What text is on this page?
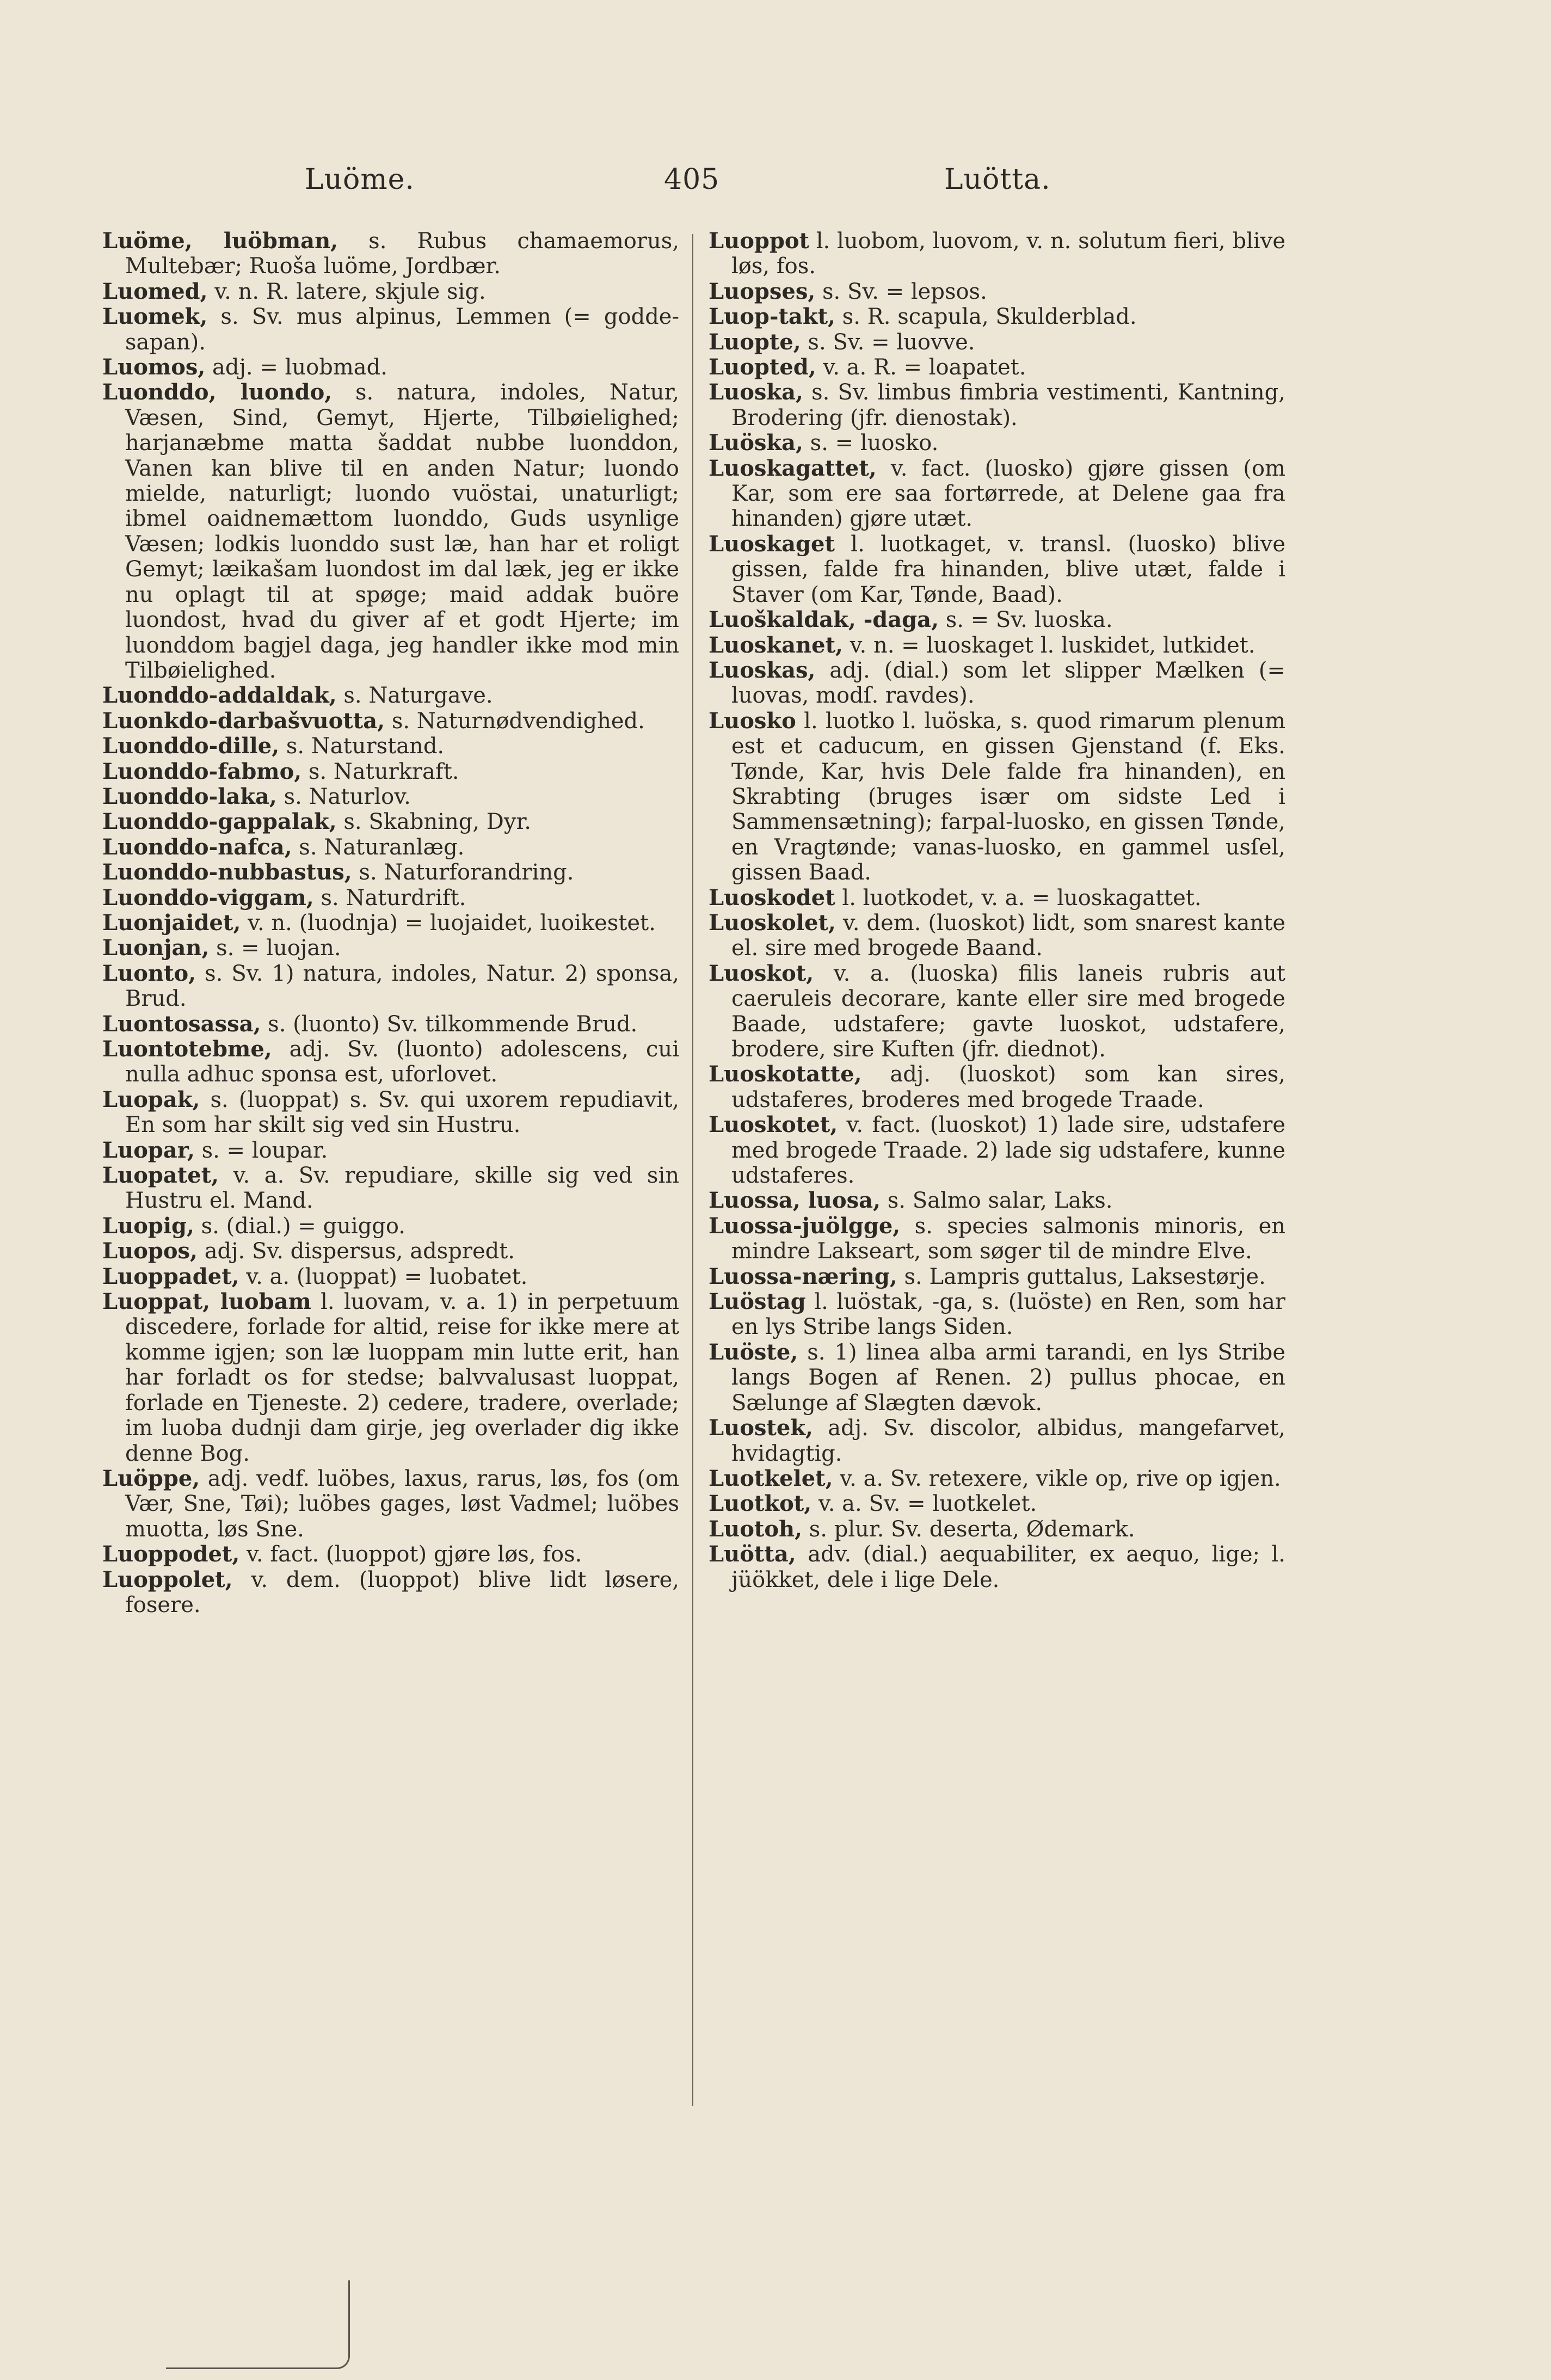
Luöme.	405	Luötta.

Luöme, luöbman, s. Rubus chamaemorus, Multebær; Ruoša luöme, Jordbær.

Luomed, v. n. R. latere, skjule sig.

Luomek, s. Sv. mus alpinus, Lemmen (= godde-sapan).

Luomos, adj. = luobmad.

Luonddo, luondo, s. natura, indoles, Natur, Væsen, Sind, Gemyt, Hjerte, Tilbøielighed; harjanæbme matta šaddat nubbe luonddon, Vanen kan blive til en anden Natur; luondo mielde, naturligt; luondo vuöstai, unaturligt; ibmel oaidnemættom luonddo, Guds usynlige Væsen; lodkis luonddo sust læ, han har et roligt Gemyt; læikašam luondost im dal læk, jeg er ikke nu oplagt til at spøge; maid addak buöre luondost, hvad du giver af et godt Hjerte; im luonddom bagjel daga, jeg handler ikke mod min Tilbøielighed.

Luonddo-addaldak, s. Naturgave.

Luonkdo-darbašvuotta, s. Naturnødvendighed.

Luonddo-dille, s. Naturstand.

Luonddo-fabmo, s. Naturkraft.

Luonddo-laka, s. Naturlov.

Luonddo-gappalak, s. Skabning, Dyr.

Luonddo-nafca, s. Naturanlæg.

Luonddo-nubbastus, s. Naturforandring.

Luonddo-viggam, s. Naturdrift.

Luonjaidet, v. n. (luodnja) = luojaidet, luoikestet.

Luonjan, s. = luojan.

Luonto, s. Sv. 1) natura, indoles, Natur. 2) sponsa, Brud.

Luontosassa, s. (luonto) Sv. tilkommende Brud.

Luontotebme, adj. Sv. (luonto) adolescens, cui nulla adhuc sponsa est, uforlovet.

Luopak, s. (luoppat) s. Sv. qui uxorem repudiavit, En som har skilt sig ved sin Hustru.

Luopar, s. = loupar.

Luopatet, v. a. Sv. repudiare, skille sig ved sin Hustru el. Mand.

Luopig, s. (dial.) = guiggo.

Luopos, adj. Sv. dispersus, adspredt.

Luoppadet, v. a. (luoppat) = luobatet.

Luoppat, luobam l. luovam, v. a. 1) in perpetuum discedere, forlade for altid, reise for ikke mere at komme igjen; son læ luoppam min lutte erit, han har forladt os for stedse; balvvalusast luoppat, forlade en Tjeneste. 2) cedere, tradere, overlade; im luoba dudnji dam girje, jeg overlader dig ikke denne Bog.

Luöppe, adj. vedf. luöbes, laxus, rarus, løs, fos (om Vær, Sne, Tøi); luöbes gages, løst Vadmel; luöbes muotta, løs Sne.

Luoppodet, v. fact. (luoppot) gjøre løs, fos.

Luoppolet, v. dem. (luoppot) blive lidt løsere, fosere.

Luoppot l. luobom, luovom, v. n. solutum fieri, blive løs, fos.

Luopses, s. Sv. = lepsos.

Luop-takt, s. R. scapula, Skulderblad.

Luopte, s. Sv. = luovve.

Luopted, v. a. R. = loapatet.

Luoska, s. Sv. limbus fimbria vestimenti, Kantning, Brodering (jfr. dienostak).

Luöska, s. = luosko.

Luoskagattet, v. fact. (luosko) gjøre gissen (om Kar, som ere saa fortørrede, at Delene gaa fra hinanden) gjøre utæt.

Luoskaget l. luotkaget, v. transl. (luosko) blive gissen, falde fra hinanden, blive utæt, falde i Staver (om Kar, Tønde, Baad).

Luoškaldak, -daga, s. = Sv. luoska.

Luoskanet, v. n. = luoskaget l. luskidet, lutkidet.

Luoskas, adj. (dial.) som let slipper Mælken (= luovas, modſ. ravdes).

Luosko l. luotko l. luöska, s. quod rimarum plenum est et caducum, en gissen Gjenstand (f. Eks. Tønde, Kar, hvis Dele falde fra hinanden), en Skrabting (bruges især om sidste Led i Sammensætning); farpal-luosko, en gissen Tønde, en Vragtønde; vanas-luosko, en gammel usſel, gissen Baad.

Luoskodet l. luotkodet, v. a. = luoskagattet.

Luoskolet, v. dem. (luoskot) lidt, som snarest kante el. sire med brogede Baand.

Luoskot, v. a. (luoska) filis laneis rubris aut caeruleis decorare, kante eller sire med brogede Baade, udstafere; gavte luoskot, udstafere, brodere, sire Kuften (jfr. diednot).

Luoskotatte, adj. (luoskot) som kan sires, udstaferes, broderes med brogede Traade.

Luoskotet, v. fact. (luoskot) 1) lade sire, udstafere med brogede Traade. 2) lade sig udstafere, kunne udstaferes.

Luossa, luosa, s. Salmo salar, Laks.

Luossa-juölgge, s. species salmonis minoris, en mindre Lakseart, som søger til de mindre Elve.

Luossa-næring, s. Lampris guttalus, Laksestørje.

Luöstag l. luöstak, -ga, s. (luöste) en Ren, som har en lys Stribe langs Siden.

Luöste, s. 1) linea alba armi tarandi, en lys Stribe langs Bogen af Renen. 2) pullus phocae, en Sælunge af Slægten dævok.

Luostek, adj. Sv. discolor, albidus, mangefarvet, hvidagtig.

Luotkelet, v. a. Sv. retexere, vikle op, rive op igjen.

Luotkot, v. a. Sv. = luotkelet.

Luotoh, s. plur. Sv. deserta, Ødemark.

Luötta, adv. (dial.) aequabiliter, ex aequo, lige; l. jüökket, dele i lige Dele.
